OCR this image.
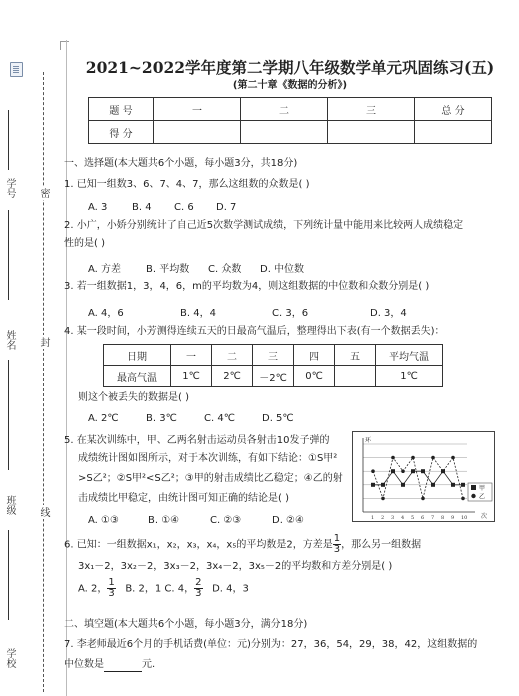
学号
姓名
班级
学校
密
封
线
2021~2022学年度第二学期八年级数学单元巩固练习(五)
(第二十章《数据的分析》)
题 号	一	二	三	总 分
得 分				
一、选择题(本大题共6个小题，每小题3分，共18分)
1. 已知一组数3、6、7、4、7，那么这组数的众数是( )
A. 3 B. 4 C. 6 D. 7
2. 小广，小娇分别统计了自己近5次数学测试成绩，下列统计量中能用来比较两人成绩稳定
性的是( )
A. 方差 B. 平均数 C. 众数 D. 中位数
3. 若一组数据1，3，4，6，m的平均数为4，则这组数据的中位数和众数分别是( )
A. 4，6	B. 4，4	C. 3，6	D. 3，4
4. 某一段时间，小芳测得连续五天的日最高气温后，整理得出下表(有一个数据丢失)：
日期	一	二	三	四	五	平均气温
最高气温	1℃	2℃	－2℃	0℃		1℃
则这个被丢失的数据是( )
A. 2℃	B. 3℃	C. 4℃	D. 5℃
5. 在某次训练中，甲、乙两名射击运动员各射击10发子弹的
成绩统计图如图所示，对于本次训练，有如下结论：①S甲²
>S乙²；②S甲²<S乙²；③甲的射击成绩比乙稳定；④乙的射
击成绩比甲稳定，由统计图可知正确的结论是( )
A. ①③	B. ①④	C. ②③	D. ②④
环
次
1 2 3 4 5 6 7 8 9 10
甲
乙
6. 已知：一组数据x₁，x₂，x₃，x₄，x₅的平均数是2，方差是 $\frac{1}{3}$ ，那么另一组数据
3x₁－2，3x₂－2，3x₃－2，3x₄－2，3x₅－2的平均数和方差分别是( )
A. 2， $\frac{1}{3} B$. 2，1 C. 4， $\frac{2}{3} D$. 4，3
二、填空题(本大题共6个小题，每小题3分，满分18分)
7. 李老师最近6个月的手机话费(单位：元)分别为：27，36，54，29，38，42，这组数据的
中位数是	元.
